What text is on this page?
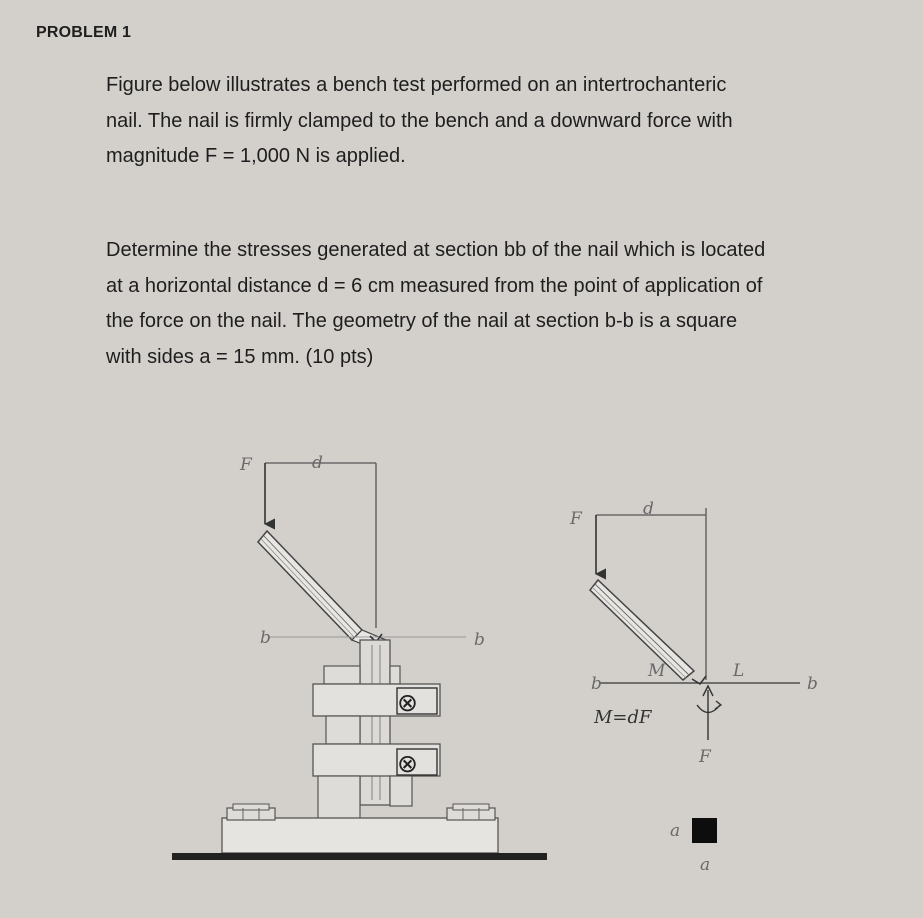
PROBLEM 1

Figure below illustrates a bench test performed on an intertrochanteric
nail. The nail is firmly clamped to the bench and a downward force with
magnitude F = 1,000 N is applied.

Determine the stresses generated at section bb of the nail which is located
at a horizontal distance d = 6 cm measured from the point of application of
the force on the nail. The geometry of the nail at section b-b is a square
with sides a = 15 mm. (10 pts)

F	d
b	b
⊗
⊗
F	d
b	b
M	L
M=dF
F
a
a
